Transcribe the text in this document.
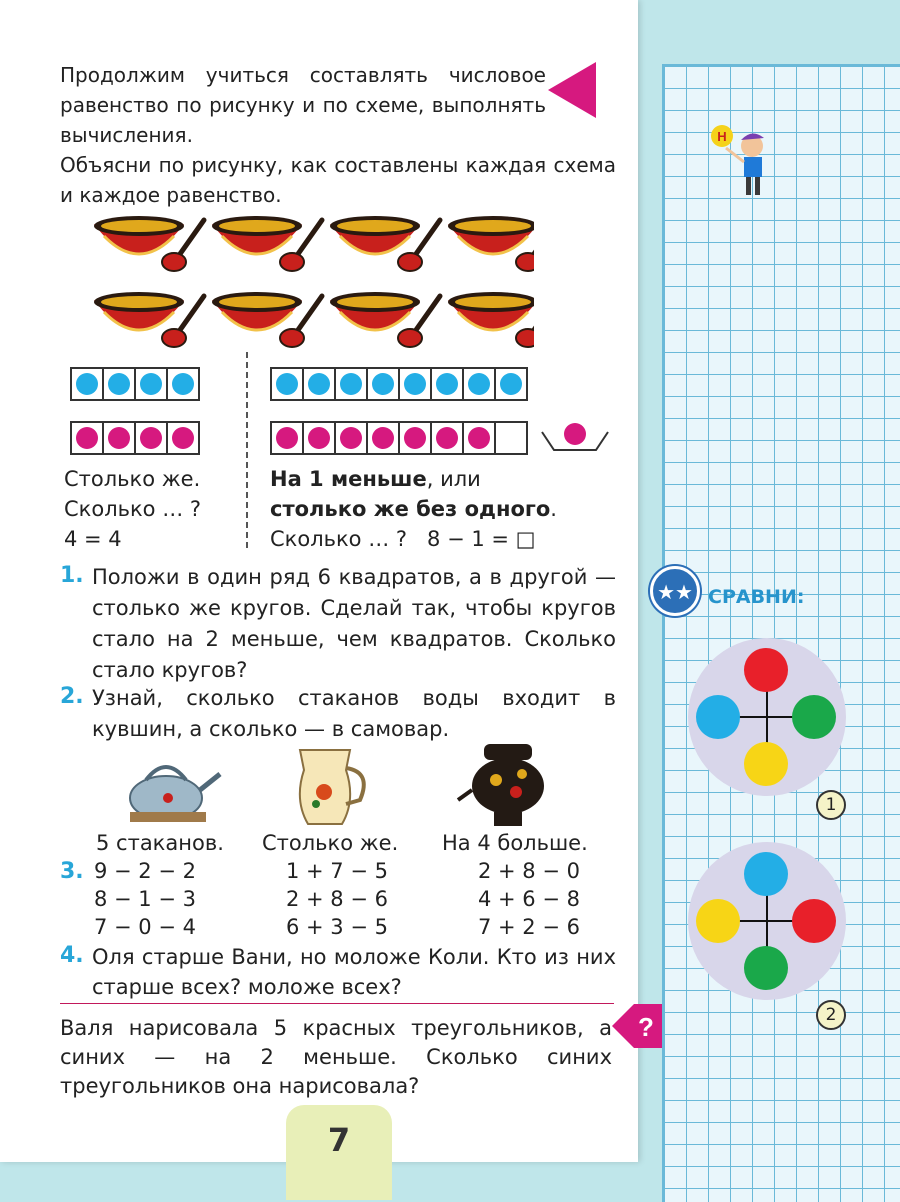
Продолжим учиться составлять числовое равенство по рисунку и по схеме, выполнять вычисления.

Объясни по рисунку, как составлены каждая схема и каждое равенство.

Столько же.

Сколько … ?

4 = 4

На 1 меньше, или

столько же без одного.

Сколько … ?   8 − 1 = □

1. Положи в один ряд 6 квадратов, а в другой — столько же кругов. Сделай так, чтобы кругов стало на 2 меньше, чем квадратов. Сколько стало кругов?

2. Узнай, сколько стаканов воды входит в кувшин, а сколько — в самовар.

5 стаканов. Столько же. На 4 больше.

3. 9 − 2 − 2	1 + 7 − 5	2 + 8 − 0
8 − 1 − 3	2 + 8 − 6	4 + 6 − 8
7 − 0 − 4	6 + 3 − 5	7 + 2 − 6
4. Оля старше Вани, но моложе Коли. Кто из них старше всех? моложе всех?

Валя нарисовала 5 красных треугольников, а синих — на 2 меньше. Сколько синих треугольников она нарисовала?

7
?
Н
★★ СРАВНИ:
1
2
